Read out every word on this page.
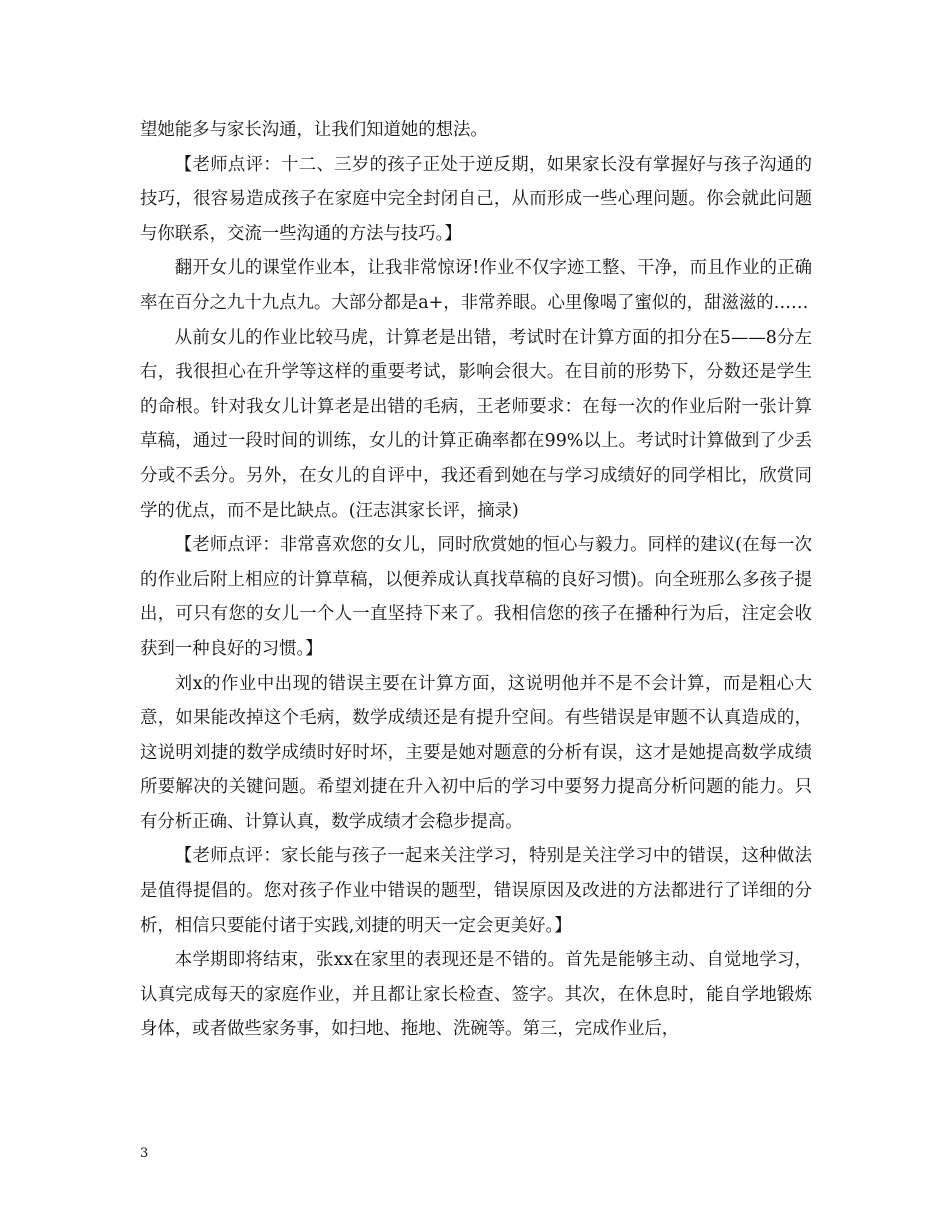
望她能多与家长沟通，让我们知道她的想法。

【老师点评：十二、三岁的孩子正处于逆反期，如果家长没有掌握好与孩子沟通的技巧，很容易造成孩子在家庭中完全封闭自己，从而形成一些心理问题。你会就此问题与你联系，交流一些沟通的方法与技巧。】

翻开女儿的课堂作业本，让我非常惊讶!作业不仅字迹工整、干净，而且作业的正确率在百分之九十九点九。大部分都是a+，非常养眼。心里像喝了蜜似的，甜滋滋的……

从前女儿的作业比较马虎，计算老是出错，考试时在计算方面的扣分在5——8分左右，我很担心在升学等这样的重要考试，影响会很大。在目前的形势下，分数还是学生的命根。针对我女儿计算老是出错的毛病，王老师要求：在每一次的作业后附一张计算草稿，通过一段时间的训练，女儿的计算正确率都在99%以上。考试时计算做到了少丢分或不丢分。另外，在女儿的自评中，我还看到她在与学习成绩好的同学相比，欣赏同学的优点，而不是比缺点。(汪志淇家长评，摘录)

【老师点评：非常喜欢您的女儿，同时欣赏她的恒心与毅力。同样的建议(在每一次的作业后附上相应的计算草稿，以便养成认真找草稿的良好习惯)。向全班那么多孩子提出，可只有您的女儿一个人一直坚持下来了。我相信您的孩子在播种行为后，注定会收获到一种良好的习惯。】

刘x的作业中出现的错误主要在计算方面，这说明他并不是不会计算，而是粗心大意，如果能改掉这个毛病，数学成绩还是有提升空间。有些错误是审题不认真造成的，这说明刘捷的数学成绩时好时坏，主要是她对题意的分析有误，这才是她提高数学成绩所要解决的关键问题。希望刘捷在升入初中后的学习中要努力提高分析问题的能力。只有分析正确、计算认真，数学成绩才会稳步提高。

【老师点评：家长能与孩子一起来关注学习，特别是关注学习中的错误，这种做法是值得提倡的。您对孩子作业中错误的题型，错误原因及改进的方法都进行了详细的分析，相信只要能付诸于实践,刘捷的明天一定会更美好。】

本学期即将结束，张xx在家里的表现还是不错的。首先是能够主动、自觉地学习，认真完成每天的家庭作业，并且都让家长检查、签字。其次，在休息时，能自学地锻炼身体，或者做些家务事，如扫地、拖地、洗碗等。第三，完成作业后，

3
